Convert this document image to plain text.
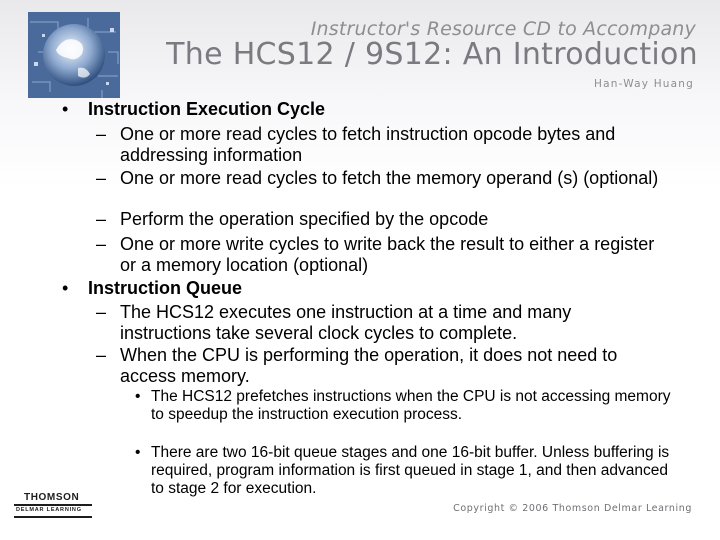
Instructor's Resource CD to Accompany
The HCS12 / 9S12: An Introduction
Han-Way Huang
• Instruction Execution Cycle
– One or more read cycles to fetch instruction opcode bytes and addressing information
– One or more read cycles to fetch the memory operand (s) (optional)
– Perform the operation specified by the opcode
– One or more write cycles to write back the result to either a register or a memory location (optional)
• Instruction Queue
– The HCS12 executes one instruction at a time and many instructions take several clock cycles to complete.
– When the CPU is performing the operation, it does not need to access memory.
• The HCS12 prefetches instructions when the CPU is not accessing memory to speedup the instruction execution process.
• There are two 16-bit queue stages and one 16-bit buffer. Unless buffering is required, program information is first queued in stage 1, and then advanced to stage 2 for execution.
THOMSON
DELMAR LEARNING	Copyright © 2006 Thomson Delmar Learning
